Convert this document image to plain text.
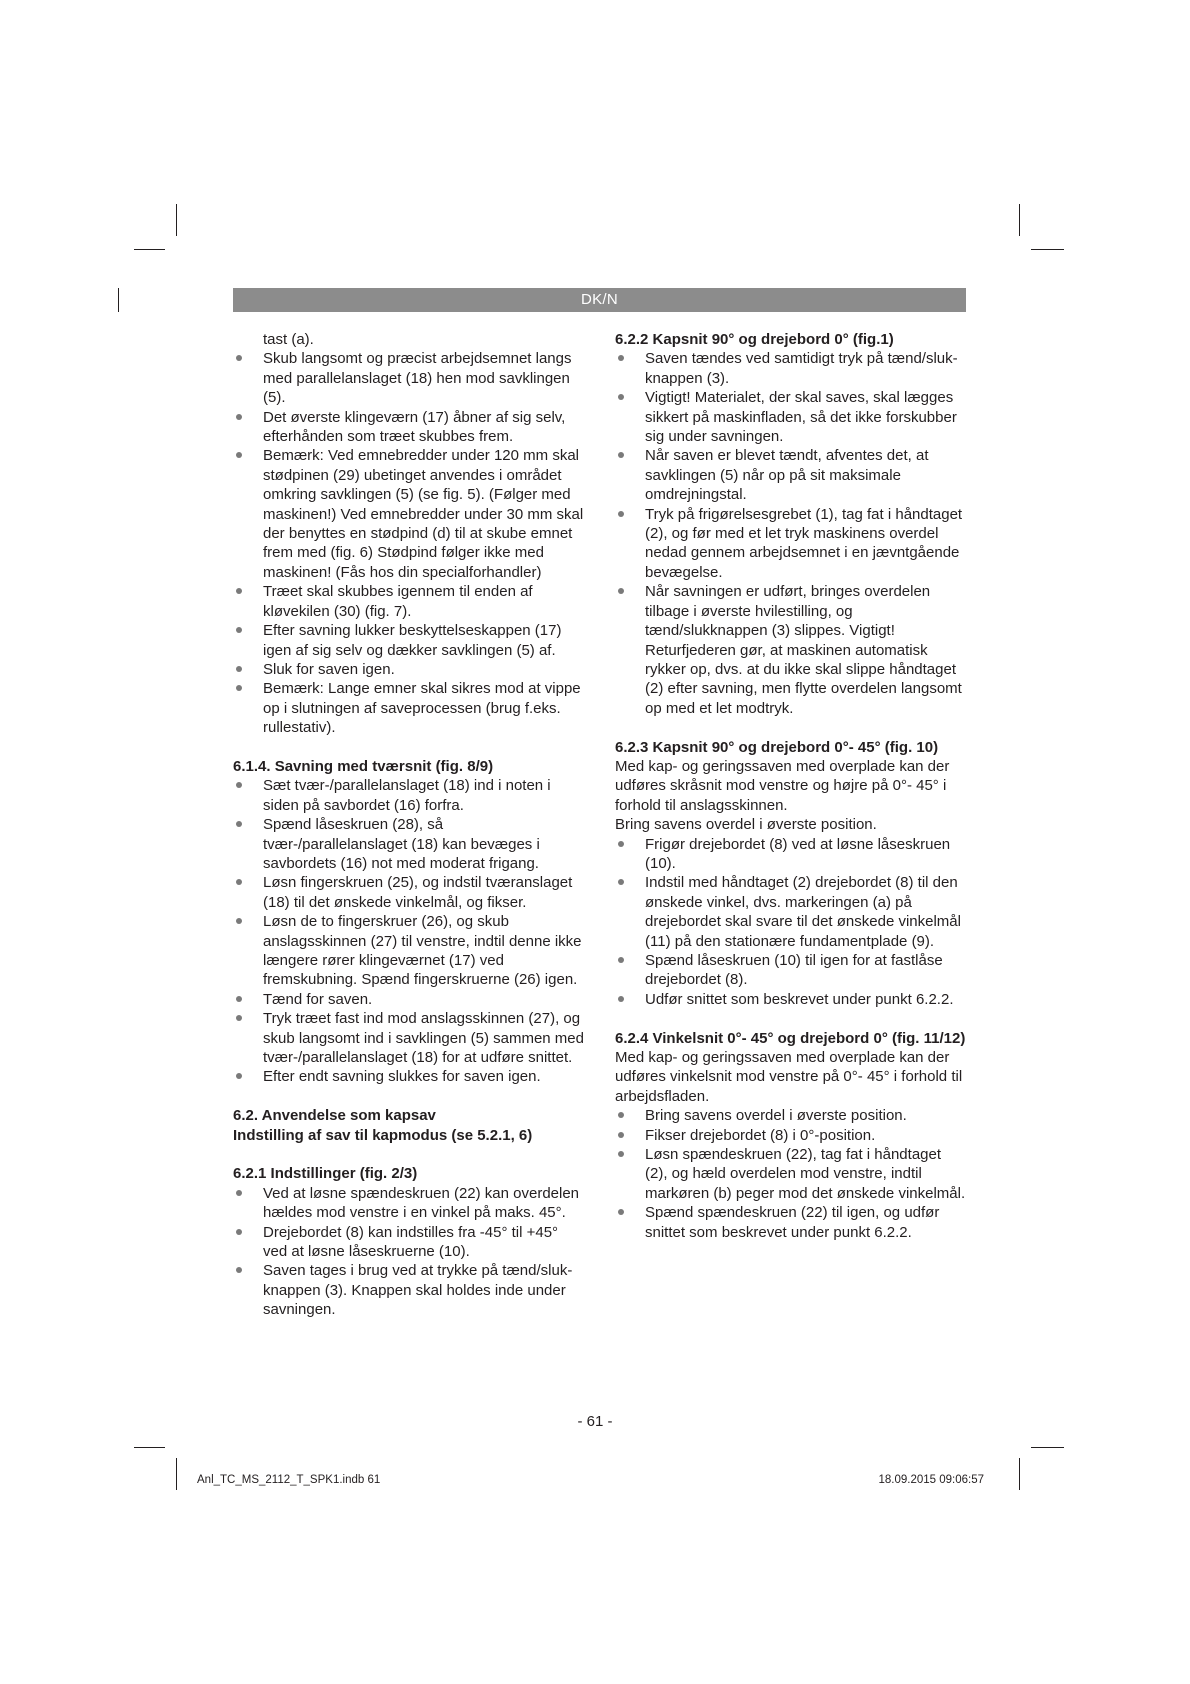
DK/N

tast (a).

Skub langsomt og præcist arbejdsemnet langs med parallelanslaget (18) hen mod savklingen (5).
Det øverste klingeværn (17) åbner af sig selv, efterhånden som træet skubbes frem.
Bemærk: Ved emnebredder under 120 mm skal stødpinen (29) ubetinget anvendes i området omkring savklingen (5) (se fig. 5). (Følger med maskinen!) Ved emnebredder under 30 mm skal der benyttes en stødpind (d) til at skube emnet frem med (fig. 6) Stødpind følger ikke med maskinen! (Fås hos din specialforhandler)
Træet skal skubbes igennem til enden af kløvekilen (30) (fig. 7).
Efter savning lukker beskyttelseskappen (17) igen af sig selv og dækker savklingen (5) af.
Sluk for saven igen.
Bemærk: Lange emner skal sikres mod at vippe op i slutningen af saveprocessen (brug f.eks. rullestativ).

6.1.4. Savning med tværsnit (fig. 8/9)

Sæt tvær-/parallelanslaget (18) ind i noten i siden på savbordet (16) forfra.
Spænd låseskruen (28), så tvær-/parallelanslaget (18) kan bevæges i savbordets (16) not med moderat frigang.
Løsn fingerskruen (25), og indstil tværanslaget (18) til det ønskede vinkelmål, og fikser.
Løsn de to fingerskruer (26), og skub anslagsskinnen (27) til venstre, indtil denne ikke længere rører klingeværnet (17) ved fremskubning. Spænd fingerskruerne (26) igen.
Tænd for saven.
Tryk træet fast ind mod anslagsskinnen (27), og skub langsomt ind i savklingen (5) sammen med tvær-/parallelanslaget (18) for at udføre snittet.
Efter endt savning slukkes for saven igen.

6.2. Anvendelse som kapsav

Indstilling af sav til kapmodus (se 5.2.1, 6)

6.2.1 Indstillinger (fig. 2/3)

Ved at løsne spændeskruen (22) kan overdelen hældes mod venstre i en vinkel på maks. 45°.
Drejebordet (8) kan indstilles fra -45° til +45° ved at løsne låseskruerne (10).
Saven tages i brug ved at trykke på tænd/sluk-knappen (3). Knappen skal holdes inde under savningen.

6.2.2 Kapsnit 90° og drejebord 0° (fig.1)

Saven tændes ved samtidigt tryk på tænd/sluk-knappen (3).
Vigtigt! Materialet, der skal saves, skal lægges sikkert på maskinfladen, så det ikke forskubber sig under savningen.
Når saven er blevet tændt, afventes det, at savklingen (5) når op på sit maksimale omdrejningstal.
Tryk på frigørelsesgrebet (1), tag fat i håndtaget (2), og før med et let tryk maskinens overdel nedad gennem arbejdsemnet i en jævntgående bevægelse.
Når savningen er udført, bringes overdelen tilbage i øverste hvilestilling, og tænd/slukknappen (3) slippes. Vigtigt! Returfjederen gør, at maskinen automatisk rykker op, dvs. at du ikke skal slippe håndtaget (2) efter savning, men flytte overdelen langsomt op med et let modtryk.

6.2.3 Kapsnit 90° og drejebord 0°- 45° (fig. 10)

Med kap- og geringssaven med overplade kan der udføres skråsnit mod venstre og højre på 0°- 45° i forhold til anslagsskinnen.

Bring savens overdel i øverste position.

Frigør drejebordet (8) ved at løsne låseskruen (10).
Indstil med håndtaget (2) drejebordet (8) til den ønskede vinkel, dvs. markeringen (a) på drejebordet skal svare til det ønskede vinkelmål (11) på den stationære fundamentplade (9).
Spænd låseskruen (10) til igen for at fastlåse drejebordet (8).
Udfør snittet som beskrevet under punkt 6.2.2.

6.2.4 Vinkelsnit 0°- 45° og drejebord 0° (fig. 11/12)

Med kap- og geringssaven med overplade kan der udføres vinkelsnit mod venstre på 0°- 45° i forhold til arbejdsfladen.

Bring savens overdel i øverste position.
Fikser drejebordet (8) i 0°-position.
Løsn spændeskruen (22), tag fat i håndtaget (2), og hæld overdelen mod venstre, indtil markøren (b) peger mod det ønskede vinkelmål.
Spænd spændeskruen (22) til igen, og udfør snittet som beskrevet under punkt 6.2.2.
- 61 -
Anl_TC_MS_2112_T_SPK1.indb 61	18.09.2015 09:06:57
